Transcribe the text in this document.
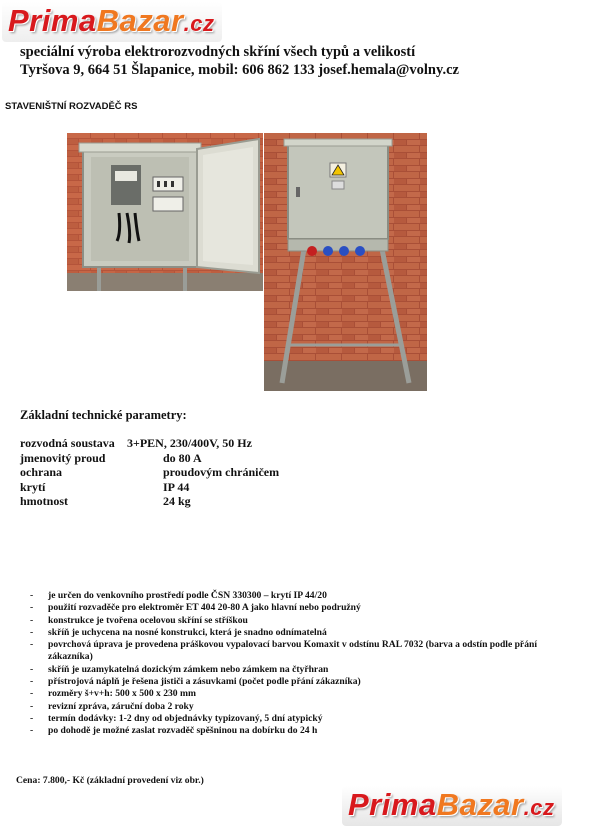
PrimaBazar.cz
speciální výroba elektrorozvodných skříní všech typů a velikostí
Tyršova 9, 664 51 Šlapanice, mobil: 606 862 133 josef.hemala@volny.cz
STAVENIŠTNÍ ROZVADĚČ RS
Základní technické parametry:
rozvodná soustava 3+PEN, 230/400V, 50 Hz
jmenovitý proud	do 80 A
ochrana	proudovým chráničem
krytí	IP 44
hmotnost	24 kg
- je určen do venkovního prostředí podle ČSN 330300 – krytí IP 44/20
- použití rozvaděče pro elektroměr ET 404 20-80 A jako hlavní nebo podružný
- konstrukce je tvořena ocelovou skříní se stříškou
- skříň je uchycena na nosné konstrukci, která je snadno odnímatelná
- povrchová úprava je provedena práškovou vypalovací barvou Komaxit v odstínu RAL 7032 (barva a odstín podle přání zákazníka)
- skříň je uzamykatelná dozickým zámkem nebo zámkem na čtyřhran
- přístrojová náplň je řešena jističi a zásuvkami (počet podle přání zákazníka)
- rozměry š+v+h: 500 x 500 x 230 mm
- revizní zpráva, záruční doba 2 roky
- termín dodávky: 1-2 dny od objednávky typizovaný, 5 dní atypický
- po dohodě je možné zaslat rozvaděč spěšninou na dobírku do 24 h
Cena: 7.800,- Kč (základní provedení viz obr.)
PrimaBazar.cz
